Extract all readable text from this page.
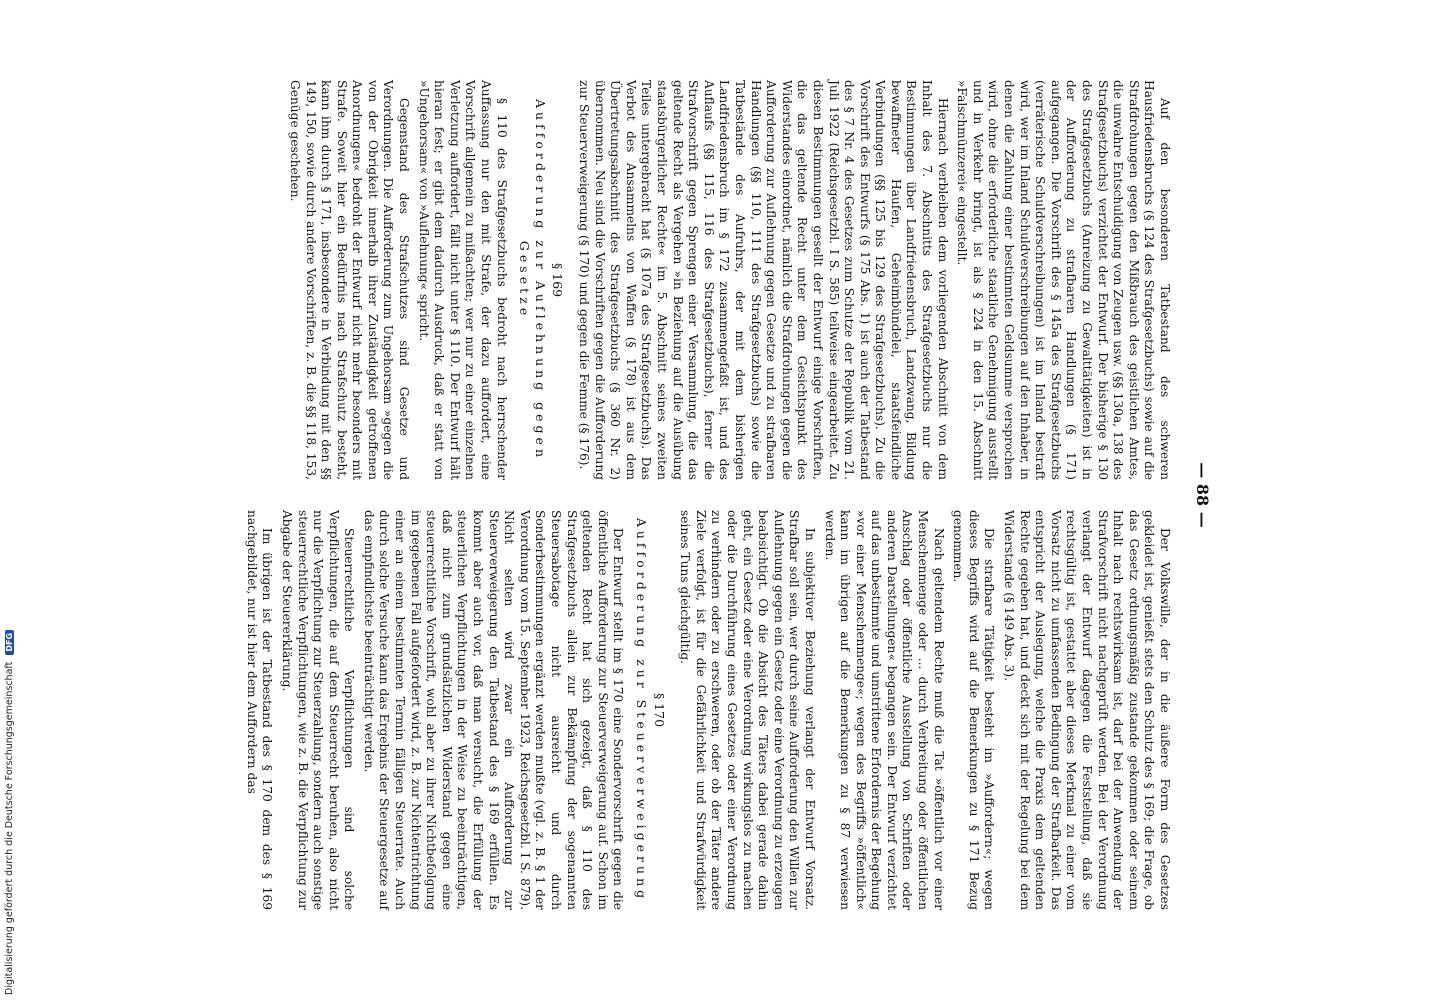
— 88 —

Auf den besonderen Tatbestand des schweren Hausfriedensbruchs (§ 124 des Strafgesetzbuchs) sowie auf die Strafdrohungen gegen den Mißbrauch des geistlichen Amtes, die unwahre Entschuldigung von Zeugen usw. (§§ 130a, 138 des Strafgesetzbuchs) verzichtet der Entwurf. Der bisherige § 130 des Strafgesetzbuchs (Anreizung zu Gewalttätigkeiten) ist in der Aufforderung zu strafbaren Handlungen (§ 171) aufgegangen. Die Vorschrift des § 145a des Strafgesetzbuchs (verräterische Schuldverschreibungen) ist im Inland bestraft wird, wer im Inland Schuldverschreibungen auf den Inhaber, in denen die Zahlung einer bestimmten Geldsumme versprochen wird, ohne die erforderliche staatliche Genehmigung ausstellt und in Verkehr bringt, ist als § 224 in den 15. Abschnitt »Falschmünzerei« eingestellt.

Hiernach verbleiben dem vorliegenden Abschnitt von dem Inhalt des 7. Abschnitts des Strafgesetzbuchs nur die Bestimmungen über Landfriedensbruch, Landzwang, Bildung bewaffneter Haufen, Geheimbündelei, staatsfeindliche Verbindungen (§§ 125 bis 129 des Strafgesetzbuchs). Zu die Vorschrift des Entwurfs (§ 175 Abs. 1) ist auch der Tatbestand des § 7 Nr. 4 des Gesetzes zum Schutze der Republik vom 21. Juli 1922 (Reichsgesetzbl. I S. 585) teilweise eingearbeitet. Zu diesen Bestimmungen gesellt der Entwurf einige Vorschriften, die das geltende Recht unter dem Gesichtspunkt des Widerstandes einordnet, nämlich die Strafdrohungen gegen die Aufforderung zur Auflehnung gegen Gesetze und zu strafbaren Handlungen (§§ 110, 111 des Strafgesetzbuchs) sowie die Tatbestände des Aufruhrs, der mit dem bisherigen Landfriedensbruch im § 172 zusammengefaßt ist, und des Auflaufs (§§ 115, 116 des Strafgesetzbuchs), ferner die Strafvorschrift gegen Sprengen einer Versammlung, die das geltende Recht als Vergehen »in Beziehung auf die Ausübung staatsbürgerlicher Rechte« im 5. Abschnitt seines zweiten Teiles untergebracht hat (§ 107a des Strafgesetzbuchs). Das Verbot des Ansammelns von Waffen (§ 178) ist aus dem Übertretungsabschnitt des Strafgesetzbuchs (§ 360 Nr. 2) übernommen. Neu sind die Vorschriften gegen die Aufforderung zur Steuerverweigerung (§ 170) und gegen die Femme (§ 176).

§ 169
Aufforderung zur Auflehnung gegen Gesetze

§ 110 des Strafgesetzbuchs bedroht nach herrschender Auffassung nur den mit Strafe, der dazu auffordert, eine Vorschrift allgemein zu mißachten; wer nur zu einer einzelnen Verletzung auffordert, fällt nicht unter § 110. Der Entwurf hält hieran fest; er gibt dem dadurch Ausdruck, daß er statt von »Ungehorsam« von »Auflehnung« spricht.

Gegenstand des Strafschutzes sind Gesetze und Verordnungen. Die Aufforderung zum Ungehorsam »gegen die von der Obrigkeit innerhalb ihrer Zuständigkeit getroffenen Anordnungen« bedroht der Entwurf nicht mehr besonders mit Strafe. Soweit hier ein Bedürfnis nach Strafschutz besteht, kann ihm durch § 171, insbesondere in Verbindung mit den §§ 149, 150, sowie durch andere Vorschriften, z. B. die §§ 118, 153, Genüge geschehen.

Der Volkswille, der in die äußere Form des Gesetzes gekleidet ist, genießt stets den Schutz des § 169; die Frage, ob das Gesetz ordnungsmäßig zustande gekommen oder seinem Inhalt nach rechtswirksam ist, darf bei der Anwendung der Strafvorschrift nicht nachgeprüft werden. Bei der Verordnung verlangt der Entwurf dagegen die Feststellung, daß sie rechtsgültig ist, gestattet aber dieses Merkmal zu einer vom Vorsatz nicht zu umfassenden Bedingung der Strafbarkeit. Das entspricht der Auslegung, welche die Praxis dem geltenden Rechte gegeben hat, und deckt sich mit der Regelung bei dem Widerstande (§ 149 Abs. 3).

Die strafbare Tätigkeit besteht im »Auffordern«; wegen dieses Begriffs wird auf die Bemerkungen zu § 171 Bezug genommen.

Nach geltendem Rechte muß die Tat »öffentlich vor einer Menschenmenge oder ... durch Verbreitung oder öffentlichen Anschlag oder öffentliche Ausstellung von Schriften oder anderen Darstellungen« begangen sein. Der Entwurf verzichtet auf das unbestimmte und umstrittene Erfordernis der Begehung »vor einer Menschenmenge«; wegen des Begriffs »öffentlich« kann im übrigen auf die Bemerkungen zu § 87 verwiesen werden.

In subjektiver Beziehung verlangt der Entwurf Vorsatz. Strafbar soll sein, wer durch seine Aufforderung den Willen zur Auflehnung gegen ein Gesetz oder eine Verordnung zu erzeugen beabsichtigt. Ob die Absicht des Täters dabei gerade dahin geht, ein Gesetz oder eine Verordnung wirkungslos zu machen oder die Durchführung eines Gesetzes oder einer Verordnung zu verhindern oder zu erschweren, oder ob der Täter andere Ziele verfolgt, ist für die Gefährlichkeit und Strafwürdigkeit seines Tuns gleichgültig.

§ 170
Aufforderung zur Steuerverweigerung

Der Entwurf stellt im § 170 eine Sondervorschrift gegen die öffentliche Aufforderung zur Steuerverweigerung auf. Schon im geltenden Recht hat sich gezeigt, daß § 110 des Strafgesetzbuchs allein zur Bekämpfung der sogenannten Steuersabotage nicht ausreicht und durch Sonderbestimmungen ergänzt werden mußte (vgl. z. B. § 1 der Verordnung vom 15. September 1923, Reichsgesetzbl. I S. 879). Nicht selten wird zwar ein Aufforderung zur Steuerverweigerung den Tatbestand des § 169 erfüllen. Es kommt aber auch vor, daß man versucht, die Erfüllung der steuerlichen Verpflichtungen in der Weise zu beeinträchtigen, daß nicht zum grundsätzlichen Widerstand gegen eine steuerrechtliche Vorschrift, wohl aber zu ihrer Nichtbefolgung im gegebenen Fall aufgefordert wird, z. B. zur Nichtentrichtung einer an einem bestimmten Termin fälligen Steuerrate. Auch durch solche Versuche kann das Ergebnis der Steuergesetze auf das empfindlichste beeinträchtigt werden.

Steuerrechtliche Verpflichtungen sind solche Verpflichtungen, die auf dem Steuerrecht beruhen, also nicht nur die Verpflichtung zur Steuerzahlung, sondern auch sonstige steuerrechtliche Verpflichtungen, wie z. B. die Verpflichtung zur Abgabe der Steuererklärung.

Im übrigen ist der Tatbestand des § 170 dem des § 169 nachgebildet, nur ist hier dem Auffordern das

Digitalisierung gefördert durch die Deutsche Forschungsgemeinschaft DFG
